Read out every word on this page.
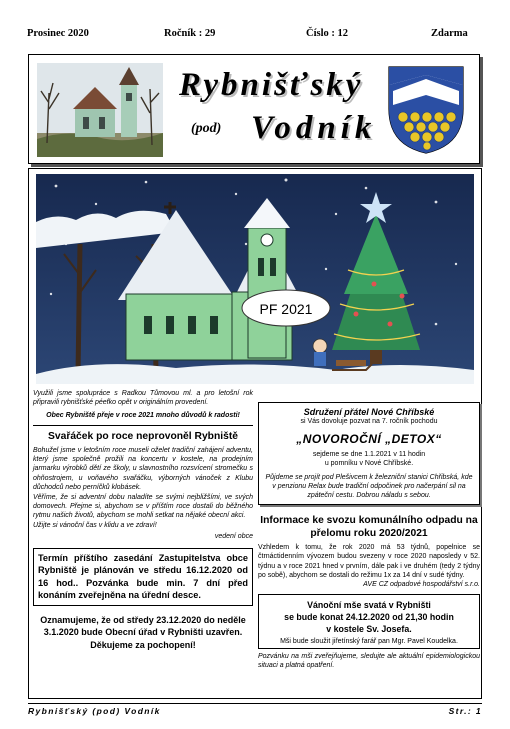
Prosinec 2020	Ročník : 29	Číslo : 12	Zdarma
Rybnišťský
(pod) Vodník
PF 2021

Využili jsme spolupráce s Radkou Tůmovou ml. a pro letošní rok připravili rybnišťské péefko opět v originálním provedení.

Obec Rybniště přeje v roce 2021 mnoho důvodů k radosti!

Svařáček po roce neprovoněl Rybniště

Bohužel jsme v letošním roce museli oželet tradiční zahájení adventu, který jsme společně prožili na koncertu v kostele, na prodejním jarmarku výrobků dětí ze školy, u slavnostního rozsvícení stromečku s ohňostrojem, u voňavého svařáčku, výborných vánoček z Klubu důchodců nebo perníčků klobásek.

Věříme, že si adventní dobu naladíte se svými nejbližšími, ve svých domovech. Přejme si, abychom se v příštím roce dostali do běžného rytmu našich životů, abychom se mohli setkat na nějaké obecní akci.

Užijte si vánoční čas v klidu a ve zdraví!

vedení obce

Termín příštího zasedání Zastupitelstva obce Rybniště je plánován ve středu 16.12.2020 od 16 hod.. Pozvánka bude min. 7 dní před konáním zveřejněna na úřední desce.

Oznamujeme, že od středy 23.12.2020 do neděle 3.1.2020 bude Obecní úřad v Rybništi uzavřen.

Děkujeme za pochopení!

Sdružení přátel Nové Chříbské

si Vás dovoluje pozvat na 7. ročník pochodu

„NOVOROČNÍ „DETOX“

sejdeme se dne 1.1.2021 v 11 hodin

u pomníku v Nové Chříbské.

Půjdeme se projít pod Plešivcem k železniční stanici Chřibská, kde v penzionu Relax bude tradiční odpočinek pro načerpání sil na zpáteční cestu. Dobrou náladu s sebou.

Informace ke svozu komunálního odpadu na přelomu roku 2020/2021

Vzhledem k tomu, že rok 2020 má 53 týdnů, popelnice se čtrnáctidenním vývozem budou svezeny v roce 2020 naposledy v 52. týdnu a v roce 2021 hned v prvním, dále pak i ve druhém (tedy 2 týdny po sobě), abychom se dostali do režimu 1x za 14 dní v sudé týdny.

AVE CZ odpadové hospodářství s.r.o.

Vánoční mše svatá v Rybništi

se bude konat 24.12.2020 od 21,30 hodin

v kostele Sv. Josefa.

Mši bude sloužit jiřetínský farář pan Mgr. Pavel Koudelka.

Pozvánku na mši zveřejňujeme, sledujte ale aktuální epidemiologickou situaci a platná opatření.

Rybnišťský (pod) Vodník	Str.: 1
